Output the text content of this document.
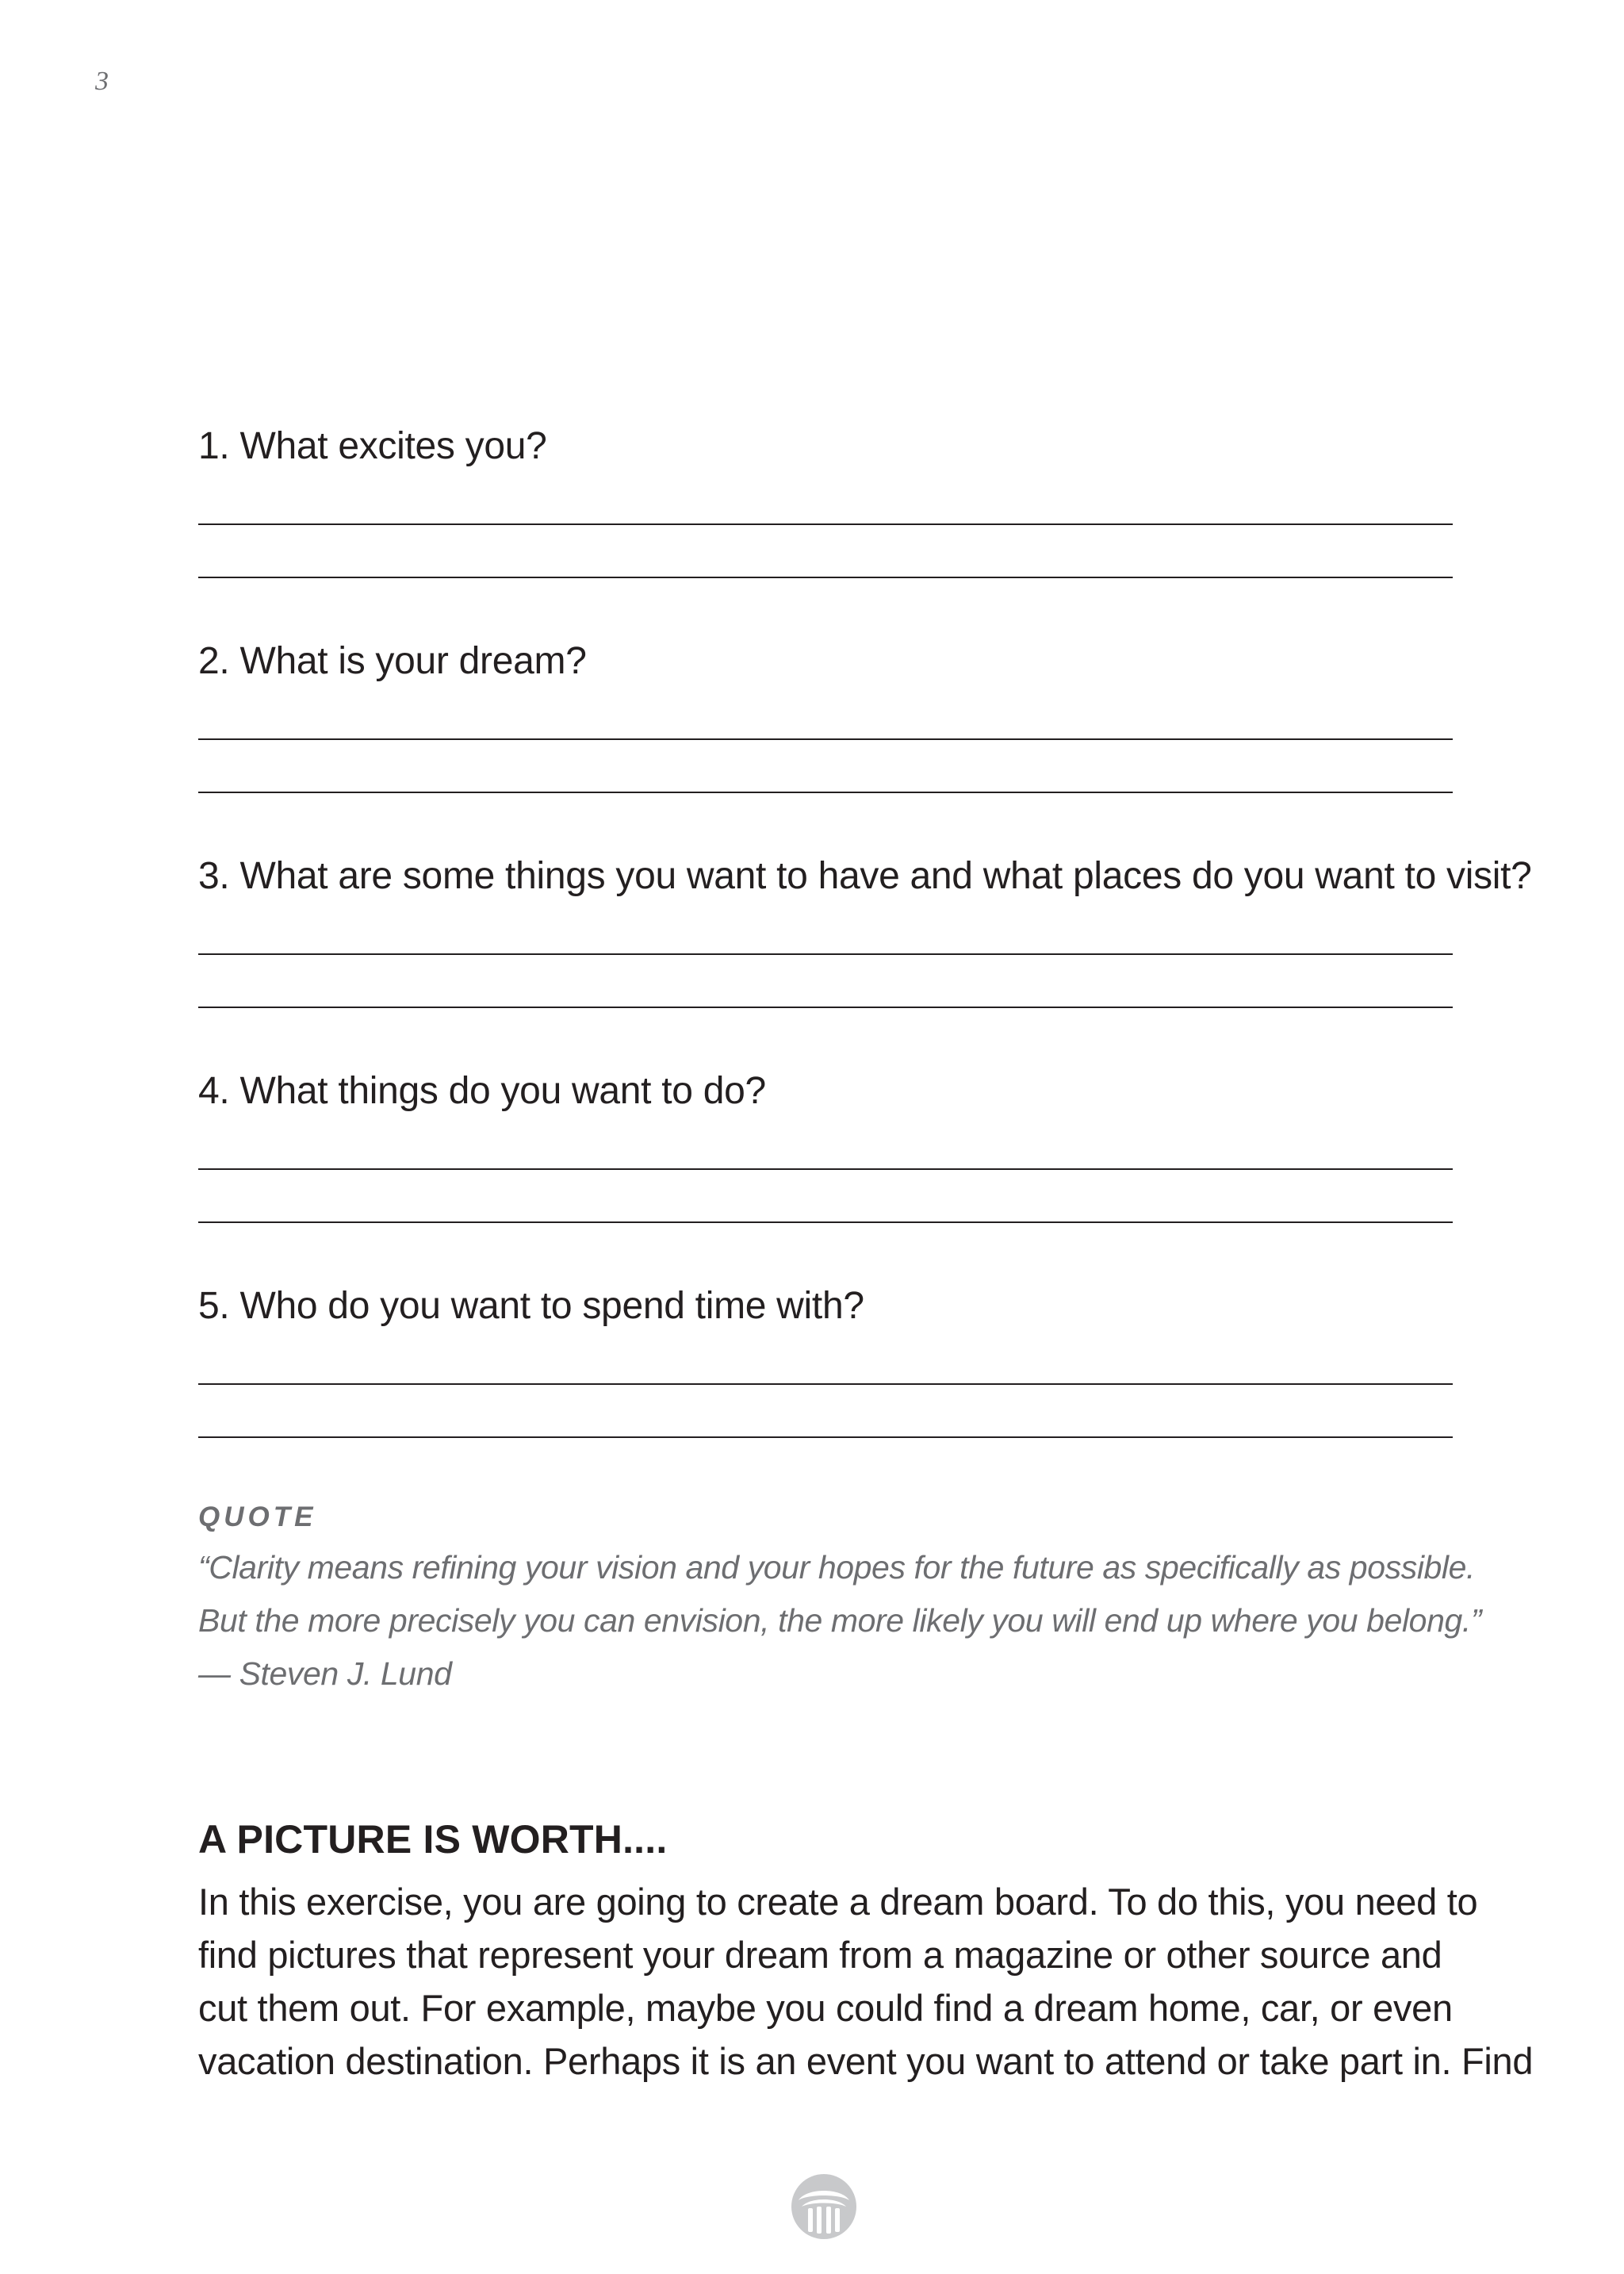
3
1. What excites you?
2. What is your dream?
3. What are some things you want to have and what places do you want to visit?
4. What things do you want to do?
5. Who do you want to spend time with?
QUOTE
“Clarity means refining your vision and your hopes for the future as specifically as possible.
But the more precisely you can envision, the more likely you will end up where you belong.”
— Steven J. Lund
A PICTURE IS WORTH....
In this exercise, you are going to create a dream board. To do this, you need to
find pictures that represent your dream from a magazine or other source and
cut them out. For example, maybe you could find a dream home, car, or even
vacation destination. Perhaps it is an event you want to attend or take part in. Find
